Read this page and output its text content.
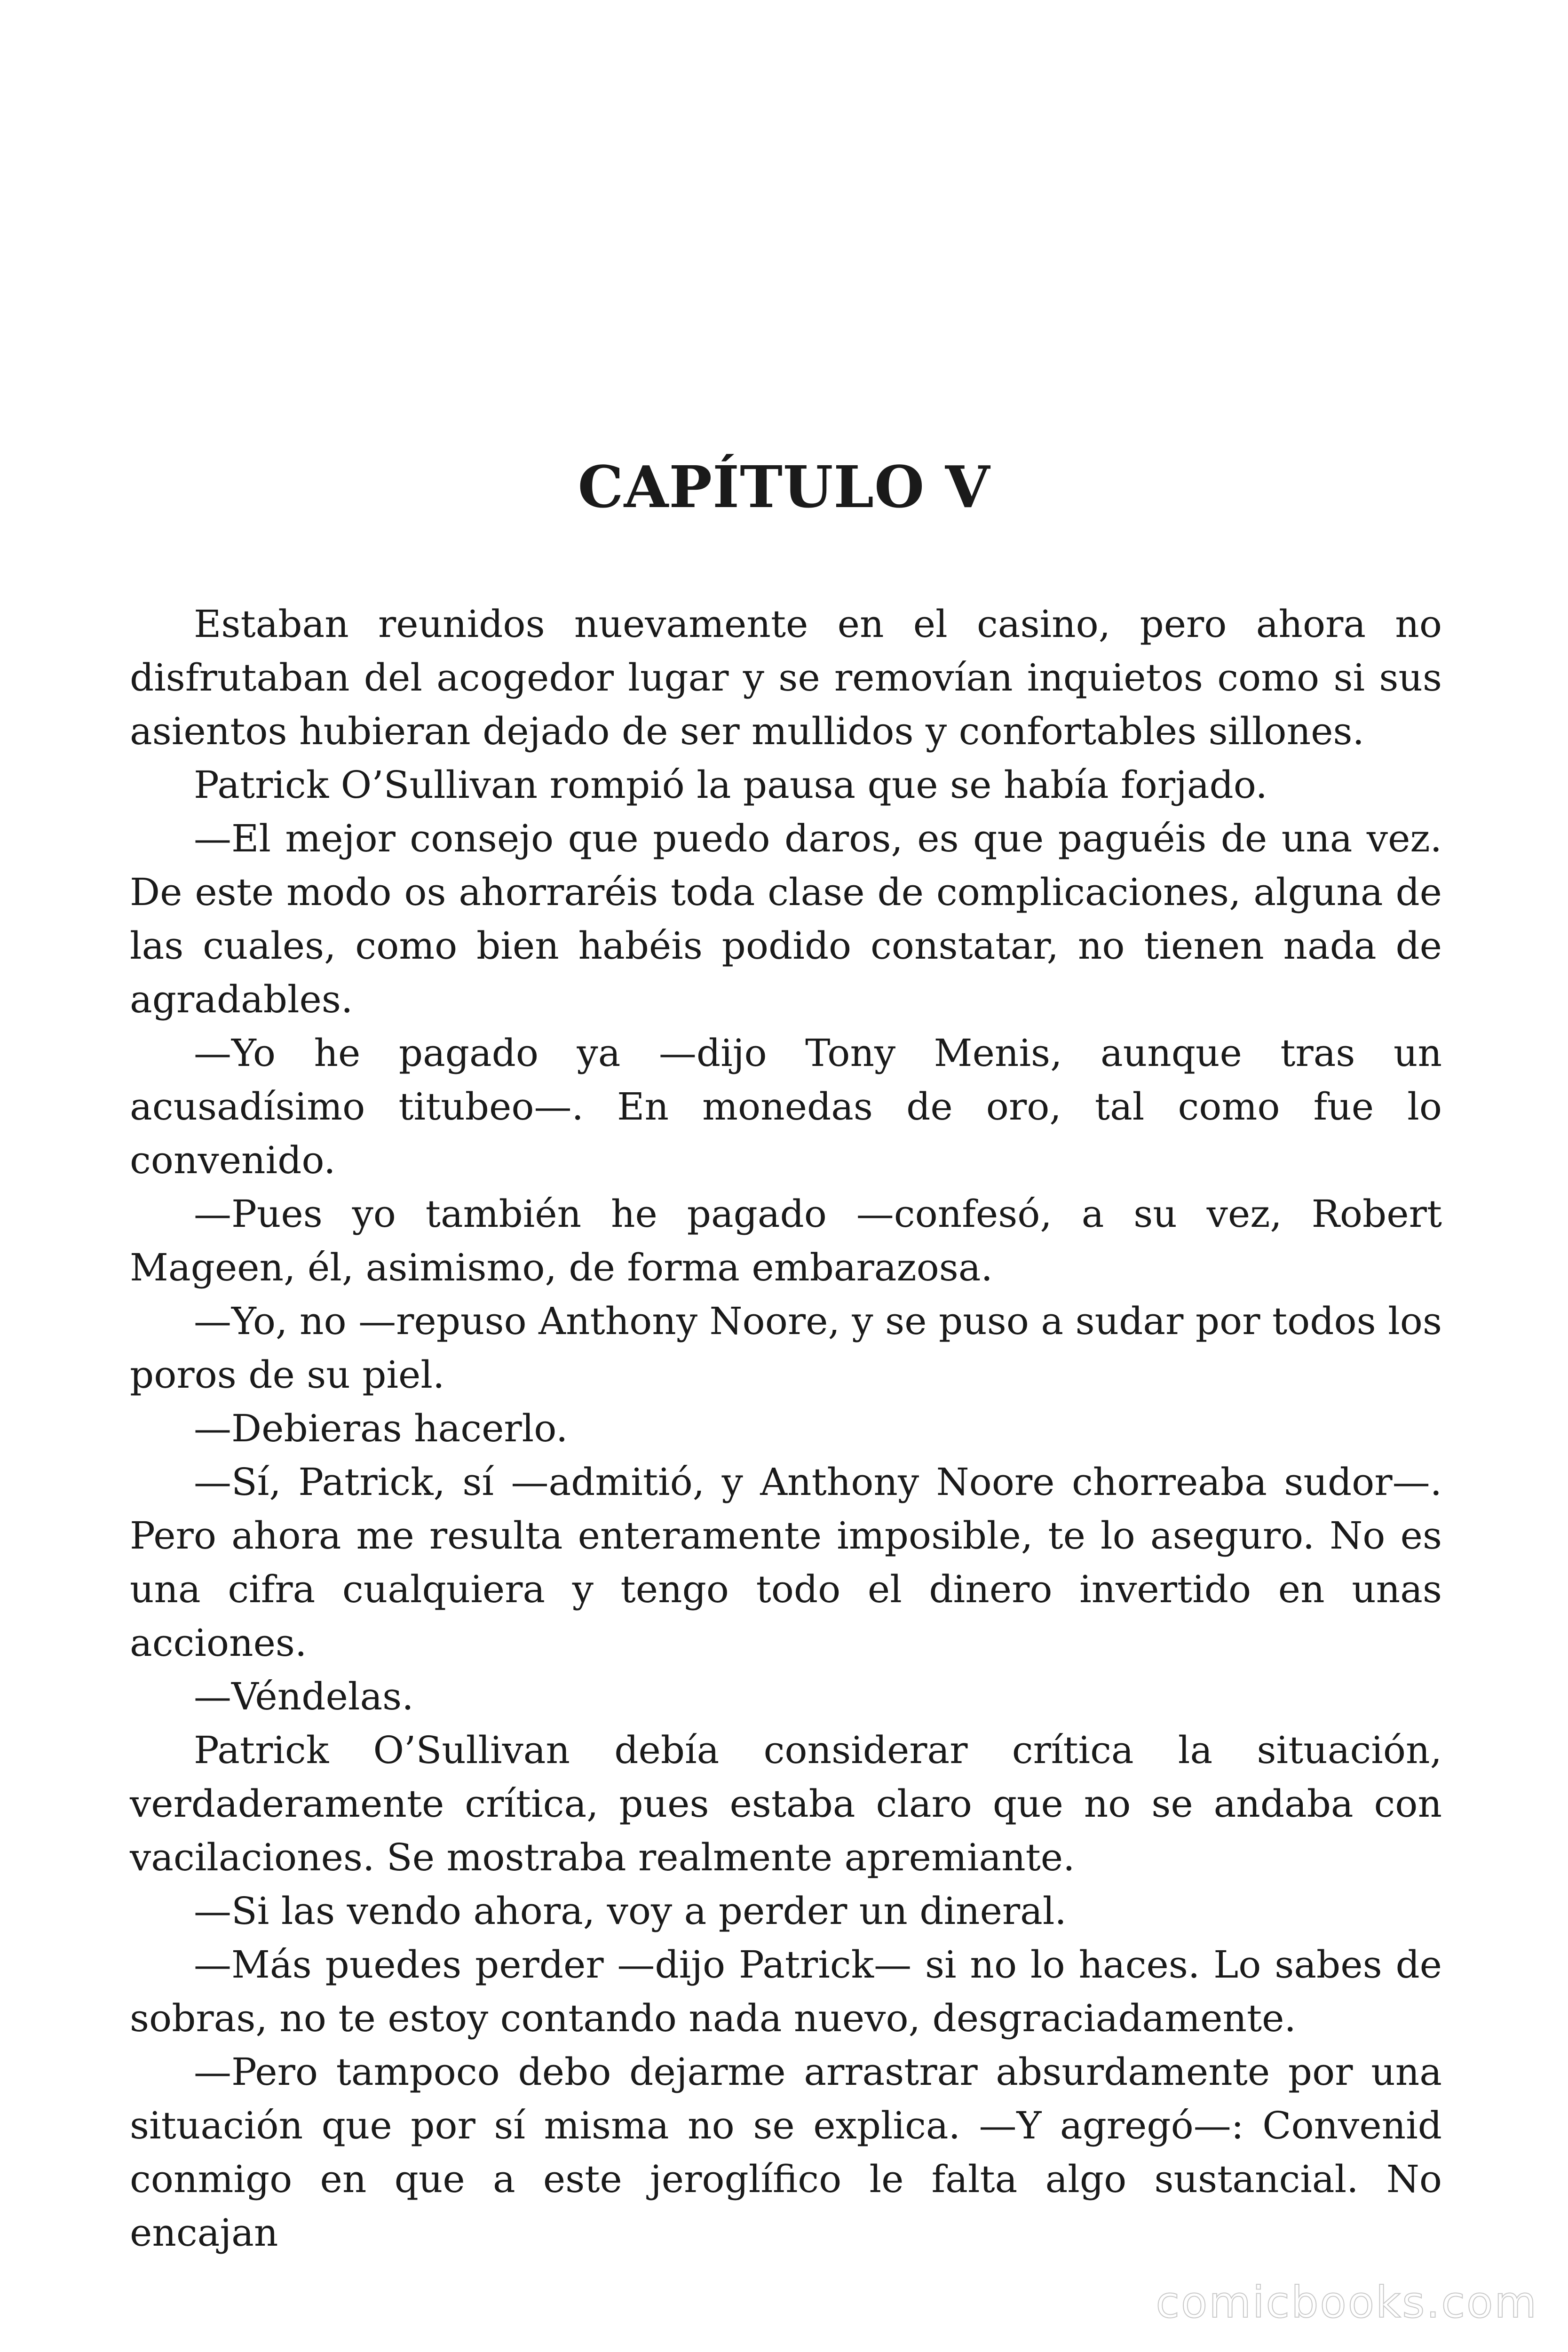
CAPÍTULO V

Estaban reunidos nuevamente en el casino, pero ahora no disfrutaban del acogedor lugar y se removían inquietos como si sus asientos hubieran dejado de ser mullidos y confortables sillones.

Patrick O’Sullivan rompió la pausa que se había forjado.

—El mejor consejo que puedo daros, es que paguéis de una vez. De este modo os ahorraréis toda clase de complicaciones, alguna de las cuales, como bien habéis podido constatar, no tienen nada de agradables.

—Yo he pagado ya —dijo Tony Menis, aunque tras un acusadísimo titubeo—. En monedas de oro, tal como fue lo convenido.

—Pues yo también he pagado —confesó, a su vez, Robert Mageen, él, asimismo, de forma embarazosa.

—Yo, no —repuso Anthony Noore, y se puso a sudar por todos los poros de su piel.

—Debieras hacerlo.

—Sí, Patrick, sí —admitió, y Anthony Noore chorreaba sudor—. Pero ahora me resulta enteramente imposible, te lo aseguro. No es una cifra cualquiera y tengo todo el dinero invertido en unas acciones.

—Véndelas.

Patrick O’Sullivan debía considerar crítica la situación, verdaderamente crítica, pues estaba claro que no se andaba con vacilaciones. Se mostraba realmente apremiante.

—Si las vendo ahora, voy a perder un dineral.

—Más puedes perder —dijo Patrick— si no lo haces. Lo sabes de sobras, no te estoy contando nada nuevo, desgraciadamente.

—Pero tampoco debo dejarme arrastrar absurdamente por una situación que por sí misma no se explica. —Y agregó—: Convenid conmigo en que a este jeroglífico le falta algo sustancial. No encajan

comicbooks.com
